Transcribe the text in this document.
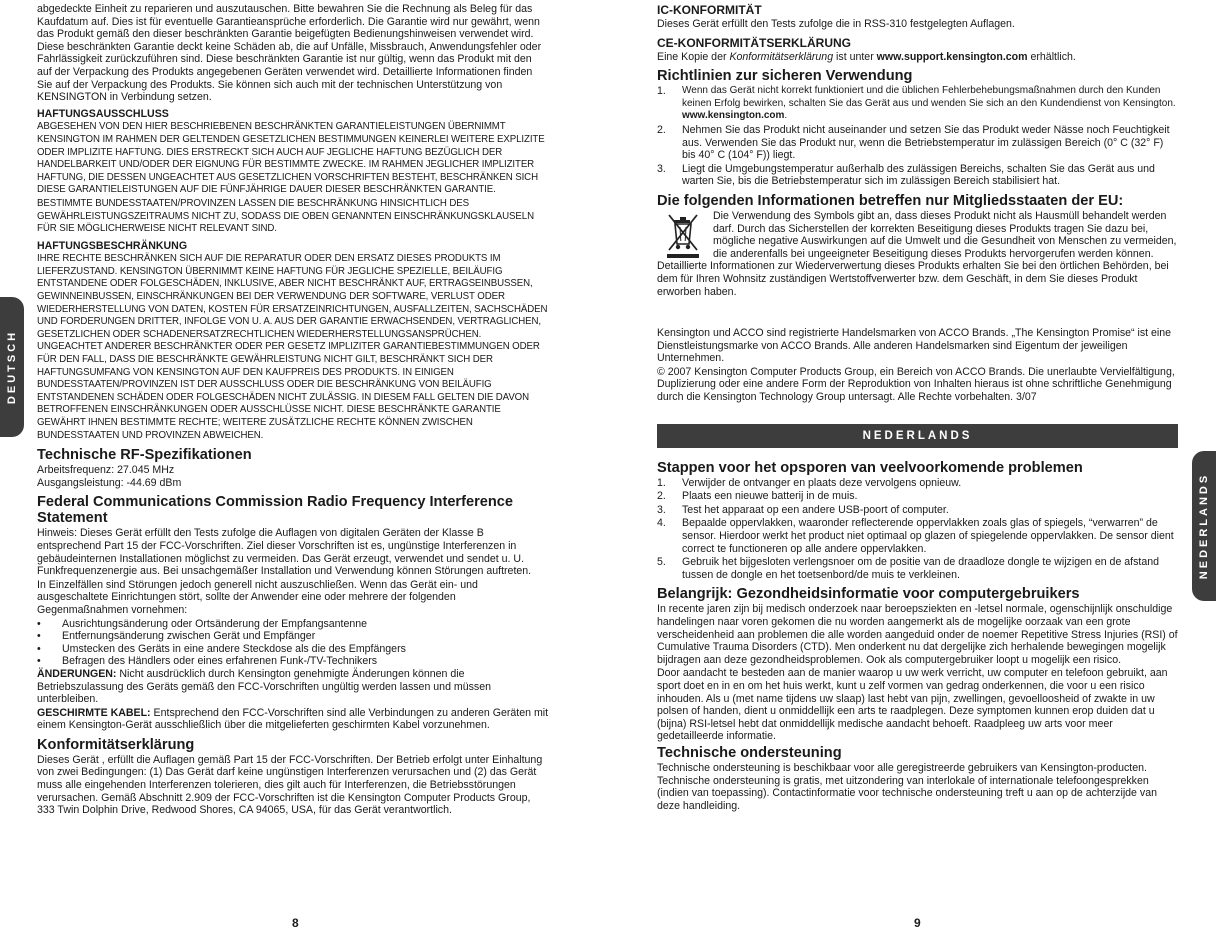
DEUTSCH
NEDERLANDS

abgedeckte Einheit zu reparieren und auszutauschen. Bitte bewahren Sie die Rechnung als Beleg für das Kaufdatum auf. Dies ist für eventuelle Garantieansprüche erforderlich. Die Garantie wird nur gewährt, wenn das Produkt gemäß den dieser beschränkten Garantie beigefügten Bedienungshinweisen verwendet wird. Diese beschränkten Garantie deckt keine Schäden ab, die auf Unfälle, Missbrauch, Anwendungsfehler oder Fahrlässigkeit zurückzuführen sind. Diese beschränkten Garantie ist nur gültig, wenn das Produkt mit den auf der Verpackung des Produkts angegebenen Geräten verwendet wird. Detaillierte Informationen finden Sie auf der Verpackung des Produkts. Sie können sich auch mit der technischen Unterstützung von KENSINGTON in Verbindung setzen.

HAFTUNGSAUSSCHLUSS

ABGESEHEN VON DEN HIER BESCHRIEBENEN BESCHRÄNKTEN GARANTIELEISTUNGEN ÜBERNIMMT KENSINGTON IM RAHMEN DER GELTENDEN GESETZLICHEN BESTIMMUNGEN KEINERLEI WEITERE EXPLIZITE ODER IMPLIZITE HAFTUNG. DIES ERSTRECKT SICH AUCH AUF JEGLICHE HAFTUNG BEZÜGLICH DER HANDELBARKEIT UND/ODER DER EIGNUNG FÜR BESTIMMTE ZWECKE. IM RAHMEN JEGLICHER IMPLIZITER HAFTUNG, DIE DESSEN UNGEACHTET AUS GESETZLICHEN VORSCHRIFTEN BESTEHT, BESCHRÄNKEN SICH DIESE GARANTIELEISTUNGEN AUF DIE FÜNFJÄHRIGE DAUER DIESER BESCHRÄNKTEN GARANTIE.

BESTIMMTE BUNDESSTAATEN/PROVINZEN LASSEN DIE BESCHRÄNKUNG HINSICHTLICH DES GEWÄHRLEISTUNGSZEITRAUMS NICHT ZU, SODASS DIE OBEN GENANNTEN EINSCHRÄNKUNGSKLAUSELN FÜR SIE MÖGLICHERWEISE NICHT RELEVANT SIND.

HAFTUNGSBESCHRÄNKUNG

IHRE RECHTE BESCHRÄNKEN SICH AUF DIE REPARATUR ODER DEN ERSATZ DIESES PRODUKTS IM LIEFERZUSTAND. KENSINGTON ÜBERNIMMT KEINE HAFTUNG FÜR JEGLICHE SPEZIELLE, BEILÄUFIG ENTSTANDENE ODER FOLGESCHÄDEN, INKLUSIVE, ABER NICHT BESCHRÄNKT AUF, ERTRAGSEINBUSSEN, GEWINNEINBUSSEN, EINSCHRÄNKUNGEN BEI DER VERWENDUNG DER SOFTWARE, VERLUST ODER WIEDERHERSTELLUNG VON DATEN, KOSTEN FÜR ERSATZEINRICHTUNGEN, AUSFALLZEITEN, SACHSCHÄDEN UND FORDERUNGEN DRITTER, INFOLGE VON U. A. AUS DER GARANTIE ERWACHSENDEN, VERTRAGLICHEN, GESETZLICHEN ODER SCHADENERSATZRECHTLICHEN WIEDERHERSTELLUNGSANSPRÜCHEN. UNGEACHTET ANDERER BESCHRÄNKTER ODER PER GESETZ IMPLIZITER GARANTIEBESTIMMUNGEN ODER FÜR DEN FALL, DASS DIE BESCHRÄNKTE GEWÄHRLEISTUNG NICHT GILT, BESCHRÄNKT SICH DER HAFTUNGSUMFANG VON KENSINGTON AUF DEN KAUFPREIS DES PRODUKTS. IN EINIGEN BUNDESSTAATEN/PROVINZEN IST DER AUSSCHLUSS ODER DIE BESCHRÄNKUNG VON BEILÄUFIG ENTSTANDENEN SCHÄDEN ODER FOLGESCHÄDEN NICHT ZULÄSSIG. IN DIESEM FALL GELTEN DIE DAVON BETROFFENEN EINSCHRÄNKUNGEN ODER AUSSCHLÜSSE NICHT. DIESE BESCHRÄNKTE GARANTIE GEWÄHRT IHNEN BESTIMMTE RECHTE; WEITERE ZUSÄTZLICHE RECHTE KÖNNEN ZWISCHEN BUNDESSTAATEN UND PROVINZEN ABWEICHEN.

Technische RF-Spezifikationen
Arbeitsfrequenz: 27.045 MHz
Ausgangsleistung: -44.69 dBm
Federal Communications Commission Radio Frequency Interference Statement

Hinweis: Dieses Gerät erfüllt den Tests zufolge die Auflagen von digitalen Geräten der Klasse B entsprechend Part 15 der FCC-Vorschriften. Ziel dieser Vorschriften ist es, ungünstige Interferenzen in gebäudeinternen Installationen möglichst zu vermeiden. Das Gerät erzeugt, verwendet und sendet u. U. Funkfrequenzenergie aus. Bei unsachgemäßer Installation und Verwendung können Störungen auftreten.

In Einzelfällen sind Störungen jedoch generell nicht auszuschließen. Wenn das Gerät ein- und ausgeschaltete Einrichtungen stört, sollte der Anwender eine oder mehrere der folgenden Gegenmaßnahmen vornehmen:

• Ausrichtungsänderung oder Ortsänderung der Empfangsantenne
• Entfernungsänderung zwischen Gerät und Empfänger
• Umstecken des Geräts in eine andere Steckdose als die des Empfängers
• Befragen des Händlers oder eines erfahrenen Funk-/TV-Technikers

ÄNDERUNGEN: Nicht ausdrücklich durch Kensington genehmigte Änderungen können die Betriebszulassung des Geräts gemäß den FCC-Vorschriften ungültig werden lassen und müssen unterbleiben.

GESCHIRMTE KABEL: Entsprechend den FCC-Vorschriften sind alle Verbindungen zu anderen Geräten mit einem Kensington-Gerät ausschließlich über die mitgelieferten geschirmten Kabel vorzunehmen.

Konformitätserklärung

Dieses Gerät , erfüllt die Auflagen gemäß Part 15 der FCC-Vorschriften. Der Betrieb erfolgt unter Einhaltung von zwei Bedingungen: (1) Das Gerät darf keine ungünstigen Interferenzen verursachen und (2) das Gerät muss alle eingehenden Interferenzen tolerieren, dies gilt auch für Interferenzen, die Betriebsstörungen verursachen. Gemäß Abschnitt 2.909 der FCC-Vorschriften ist die Kensington Computer Products Group, 333 Twin Dolphin Drive, Redwood Shores, CA 94065, USA, für das Gerät verantwortlich.

IC-KONFORMITÄT

Dieses Gerät erfüllt den Tests zufolge die in RSS-310 festgelegten Auflagen.

CE-KONFORMITÄTSERKLÄRUNG

Eine Kopie der Konformitätserklärung ist unter www.support.kensington.com erhältlich.

Richtlinien zur sicheren Verwendung
1.	Wenn das Gerät nicht korrekt funktioniert und die üblichen Fehlerbehebungsmaßnahmen durch den Kunden keinen Erfolg bewirken, schalten Sie das Gerät aus und wenden Sie sich an den Kundendienst von Kensington. www.kensington.com.
2.	Nehmen Sie das Produkt nicht auseinander und setzen Sie das Produkt weder Nässe noch Feuchtigkeit aus. Verwenden Sie das Produkt nur, wenn die Betriebstemperatur im zulässigen Bereich (0° C (32° F) bis 40° C (104° F)) liegt.
3.	Liegt die Umgebungstemperatur außerhalb des zulässigen Bereichs, schalten Sie das Gerät aus und warten Sie, bis die Betriebstemperatur sich im zulässigen Bereich stabilisiert hat.
Die folgenden Informationen betreffen nur Mitgliedsstaaten der EU:

Die Verwendung des Symbols gibt an, dass dieses Produkt nicht als Hausmüll behandelt werden darf. Durch das Sicherstellen der korrekten Beseitigung dieses Produkts tragen Sie dazu bei, mögliche negative Auswirkungen auf die Umwelt und die Gesundheit von Menschen zu vermeiden, die anderenfalls bei ungeeigneter Beseitigung dieses Produkts hervorgerufen werden können. Detaillierte Informationen zur Wiederverwertung dieses Produkts erhalten Sie bei den örtlichen Behörden, bei dem für Ihren Wohnsitz zuständigen Wertstoffverwerter bzw. dem Geschäft, in dem Sie dieses Produkt erworben haben.

Kensington und ACCO sind registrierte Handelsmarken von ACCO Brands. „The Kensington Promise“ ist eine Dienstleistungsmarke von ACCO Brands. Alle anderen Handelsmarken sind Eigentum der jeweiligen Unternehmen.

© 2007 Kensington Computer Products Group, ein Bereich von ACCO Brands. Die unerlaubte Vervielfältigung, Duplizierung oder eine andere Form der Reproduktion von Inhalten hieraus ist ohne schriftliche Genehmigung durch die Kensington Technology Group untersagt. Alle Rechte vorbehalten. 3/07

NEDERLANDS
Stappen voor het opsporen van veelvoorkomende problemen
1.	Verwijder de ontvanger en plaats deze vervolgens opnieuw.
2.	Plaats een nieuwe batterij in de muis.
3.	Test het apparaat op een andere USB-poort of computer.
4.	Bepaalde oppervlakken, waaronder reflecterende oppervlakken zoals glas of spiegels, “verwarren” de sensor. Hierdoor werkt het product niet optimaal op glazen of spiegelende oppervlakken. De sensor dient correct te functioneren op alle andere oppervlakken.
5.	Gebruik het bijgesloten verlengsnoer om de positie van de draadloze dongle te wijzigen en de afstand tussen de dongle en het toetsenbord/de muis te verkleinen.
Belangrijk: Gezondheidsinformatie voor computergebruikers

In recente jaren zijn bij medisch onderzoek naar beroepsziekten en -letsel normale, ogenschijnlijk onschuldige handelingen naar voren gekomen die nu worden aangemerkt als de mogelijke oorzaak van een grote verscheidenheid aan problemen die alle worden aangeduid onder de noemer Repetitive Stress Injuries (RSI) of Cumulative Trauma Disorders (CTD). Men onderkent nu dat dergelijke zich herhalende bewegingen mogelijk bijdragen aan deze gezondheidsproblemen. Ook als computergebruiker loopt u mogelijk een risico.

Door aandacht te besteden aan de manier waarop u uw werk verricht, uw computer en telefoon gebruikt, aan sport doet en in en om het huis werkt, kunt u zelf vormen van gedrag onderkennen, die voor u een risico inhouden. Als u (met name tijdens uw slaap) last hebt van pijn, zwellingen, gevoelloosheid of zwakte in uw polsen of handen, dient u onmiddellijk een arts te raadplegen. Deze symptomen kunnen erop duiden dat u (bijna) RSI-letsel hebt dat onmiddellijk medische aandacht behoeft. Raadpleeg uw arts voor meer gedetailleerde informatie.

Technische ondersteuning

Technische ondersteuning is beschikbaar voor alle geregistreerde gebruikers van Kensington-producten. Technische ondersteuning is gratis, met uitzondering van interlokale of internationale telefoongesprekken (indien van toepassing). Contactinformatie voor technische ondersteuning treft u aan op de achterzijde van deze handleiding.

8	9
